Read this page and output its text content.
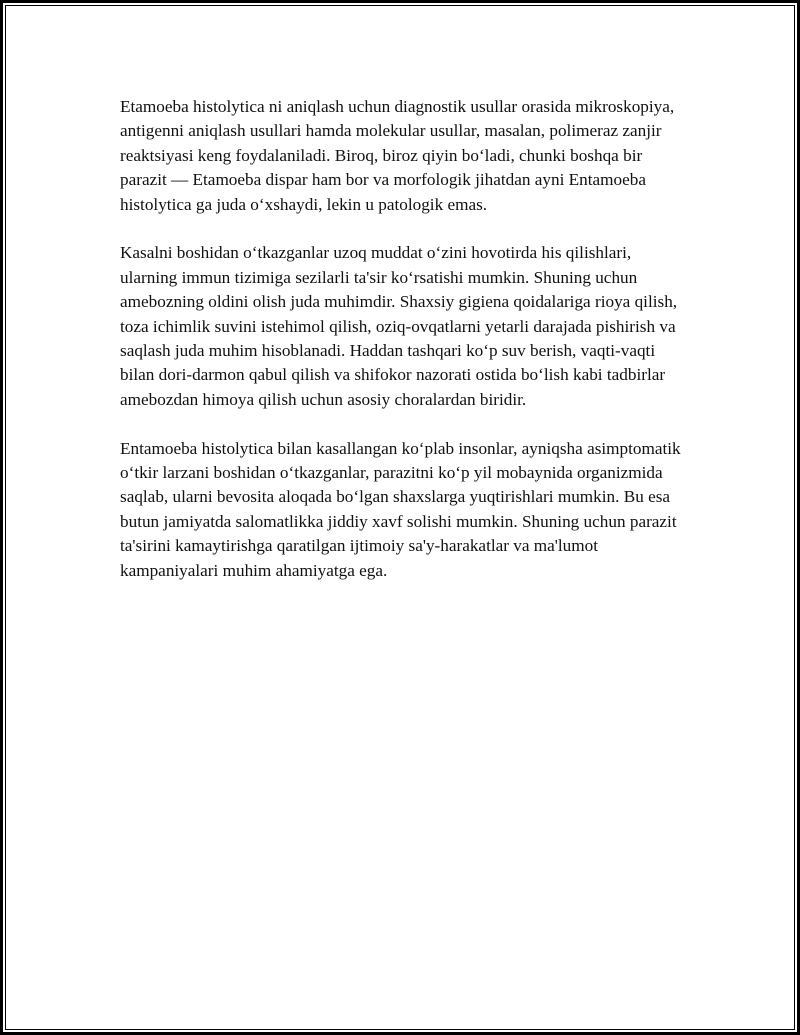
Etamoeba histolytica ni aniqlash uchun diagnostik usullar orasida mikroskopiya, antigenni aniqlash usullari hamda molekular usullar, masalan, polimeraz zanjir reaktsiyasi keng foydalaniladi. Biroq, biroz qiyin bo‘ladi, chunki boshqa bir parazit — Etamoeba dispar ham bor va morfologik jihatdan ayni Entamoeba histolytica ga juda o‘xshaydi, lekin u patologik emas.

Kasalni boshidan o‘tkazganlar uzoq muddat o‘zini hovotirda his qilishlari, ularning immun tizimiga sezilarli ta'sir ko‘rsatishi mumkin. Shuning uchun amebozning oldini olish juda muhimdir. Shaxsiy gigiena qoidalariga rioya qilish, toza ichimlik suvini istehimol qilish, oziq-ovqatlarni yetarli darajada pishirish va saqlash juda muhim hisoblanadi. Haddan tashqari ko‘p suv berish, vaqti-vaqti bilan dori-darmon qabul qilish va shifokor nazorati ostida bo‘lish kabi tadbirlar amebozdan himoya qilish uchun asosiy choralardan biridir.

Entamoeba histolytica bilan kasallangan ko‘plab insonlar, ayniqsha asimptomatik o‘tkir larzani boshidan o‘tkazganlar, parazitni ko‘p yil mobaynida organizmida saqlab, ularni bevosita aloqada bo‘lgan shaxslarga yuqtirishlari mumkin. Bu esa butun jamiyatda salomatlikka jiddiy xavf solishi mumkin. Shuning uchun parazit ta'sirini kamaytirishga qaratilgan ijtimoiy sa'y-harakatlar va ma'lumot kampaniyalari muhim ahamiyatga ega.
